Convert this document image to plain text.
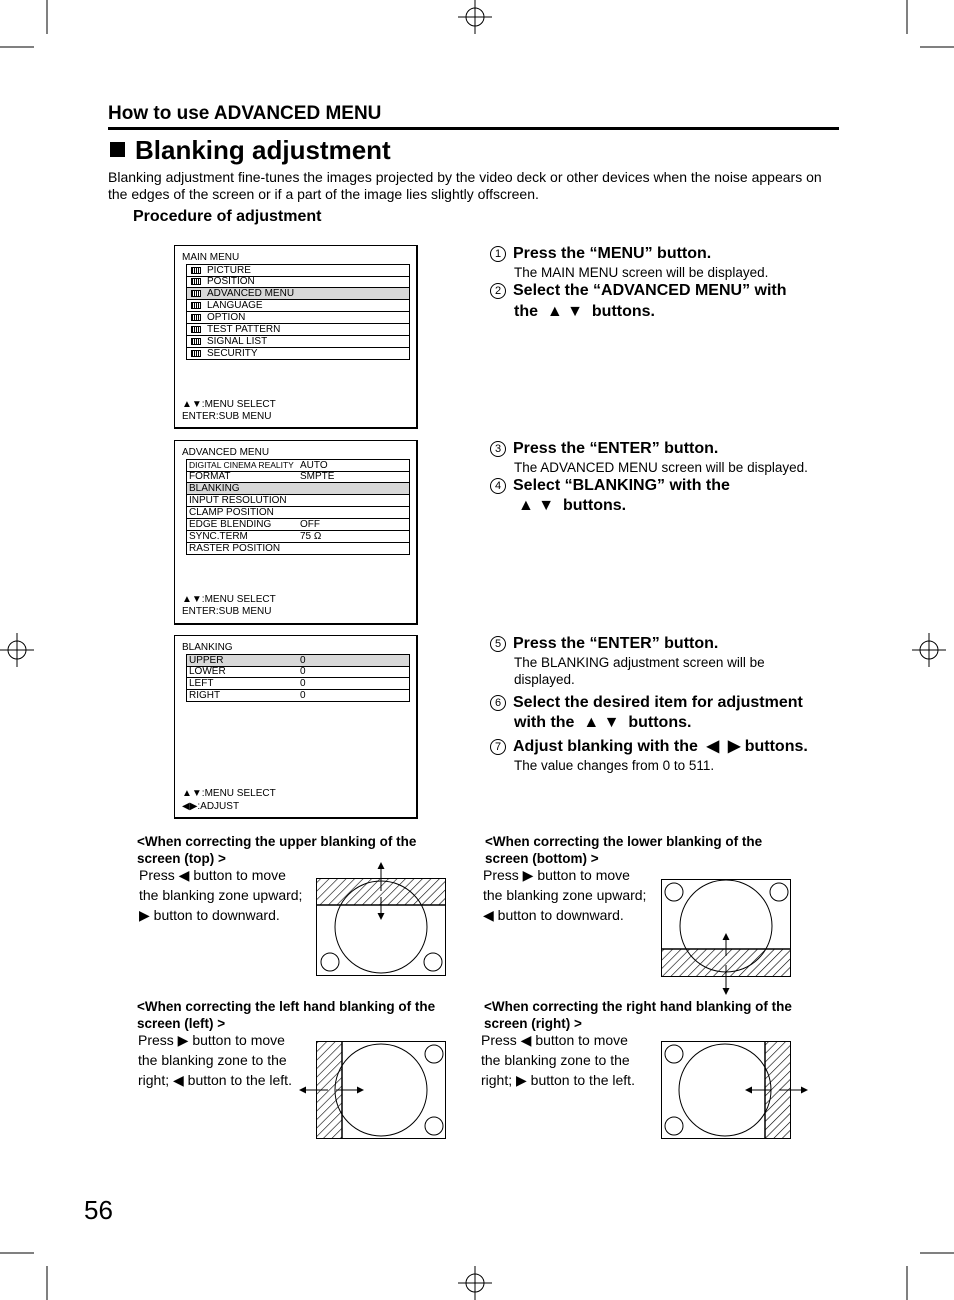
How to use ADVANCED MENU
Blanking adjustment
Blanking adjustment fine-tunes the images projected by the video deck or other devices when the noise appears on the edges of the screen or if a part of the image lies slightly offscreen.
Procedure of adjustment
MAIN MENU
PICTURE
POSITION
ADVANCED MENU
LANGUAGE
OPTION
TEST PATTERN
SIGNAL LIST
SECURITY
▲▼:MENU SELECT
ENTER:SUB MENU
ADVANCED MENU
DIGITAL CINEMA REALITY AUTO
FORMAT	SMPTE
BLANKING
INPUT RESOLUTION
CLAMP POSITION
EDGE BLENDING	OFF
SYNC.TERM	75 Ω
RASTER POSITION
▲▼:MENU SELECT
ENTER:SUB MENU
BLANKING
UPPER	0
LOWER	0
LEFT	0
RIGHT	0
▲▼:MENU SELECT
◀▶:ADJUST
1 Press the “MENU” button.
The MAIN MENU screen will be displayed.
2 Select the “ADVANCED MENU” with
the  ▲ ▼  buttons.
3 Press the “ENTER” button.
The ADVANCED MENU screen will be displayed.
4 Select “BLANKING” with the
▲ ▼  buttons.
5 Press the “ENTER” button.
The BLANKING adjustment screen will be
displayed.
6 Select the desired item for adjustment
with the  ▲ ▼  buttons.
7 Adjust blanking with the  ◀  ▶ buttons.
The value changes from 0 to 511.
<When correcting the upper blanking of the
screen (top) >
Press ◀ button to move
the blanking zone upward;
▶ button to downward.
<When correcting the lower blanking of the
screen (bottom) >
Press ▶ button to move
the blanking zone upward;
◀ button to downward.
<When correcting the left hand blanking of the
screen (left) >
Press ▶ button to move
the blanking zone to the
right; ◀ button to the left.
<When correcting the right hand blanking of the
screen (right) >
Press ◀ button to move
the blanking zone to the
right; ▶ button to the left.
56
